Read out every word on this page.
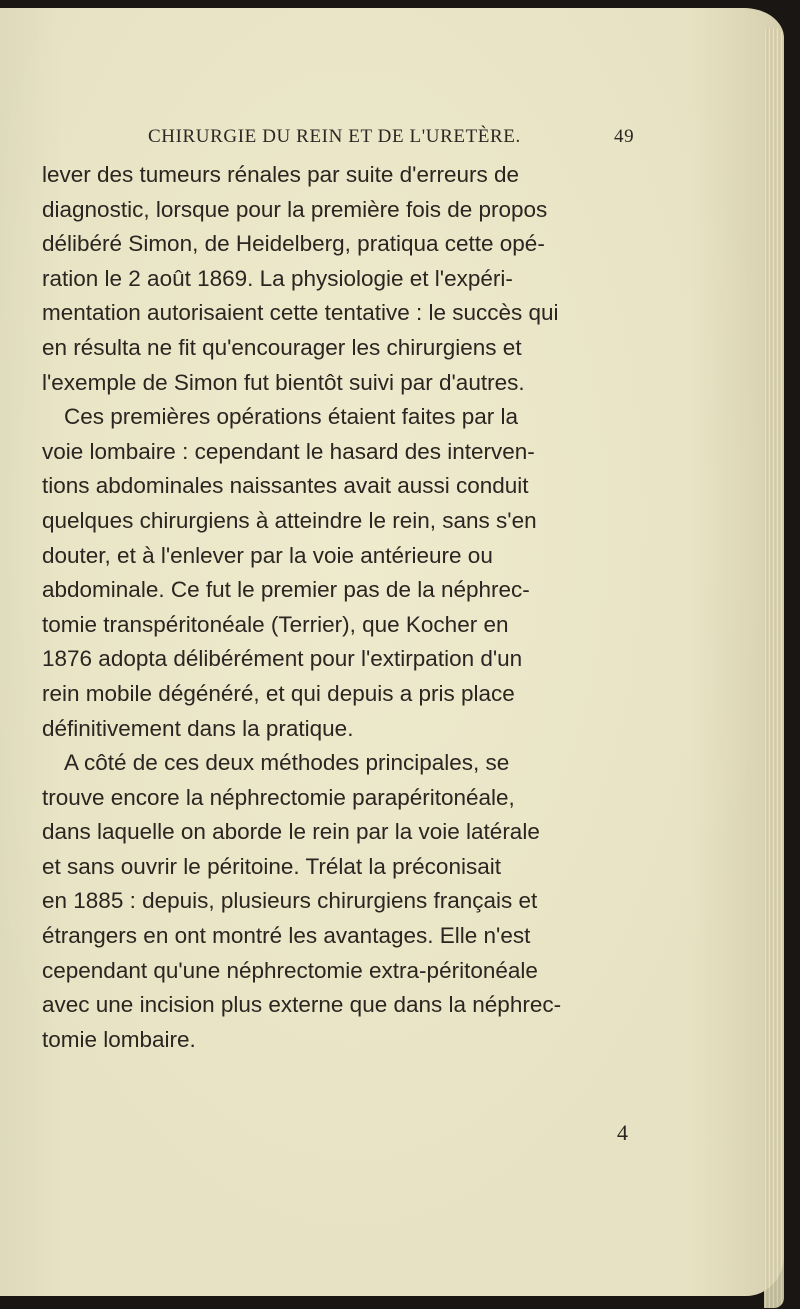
CHIRURGIE DU REIN ET DE L'URETÈRE.	49
lever des tumeurs rénales par suite d'erreurs de
diagnostic, lorsque pour la première fois de propos
délibéré Simon, de Heidelberg, pratiqua cette opé-
ration le 2 août 1869. La physiologie et l'expéri-
mentation autorisaient cette tentative : le succès qui
en résulta ne fit qu'encourager les chirurgiens et
l'exemple de Simon fut bientôt suivi par d'autres.
Ces premières opérations étaient faites par la
voie lombaire : cependant le hasard des interven-
tions abdominales naissantes avait aussi conduit
quelques chirurgiens à atteindre le rein, sans s'en
douter, et à l'enlever par la voie antérieure ou
abdominale. Ce fut le premier pas de la néphrec-
tomie transpéritonéale (Terrier), que Kocher en
1876 adopta délibérément pour l'extirpation d'un
rein mobile dégénéré, et qui depuis a pris place
définitivement dans la pratique.
A côté de ces deux méthodes principales, se
trouve encore la néphrectomie parapéritonéale,
dans laquelle on aborde le rein par la voie latérale
et sans ouvrir le péritoine. Trélat la préconisait
en 1885 : depuis, plusieurs chirurgiens français et
étrangers en ont montré les avantages. Elle n'est
cependant qu'une néphrectomie extra-péritonéale
avec une incision plus externe que dans la néphrec-
tomie lombaire.
4
